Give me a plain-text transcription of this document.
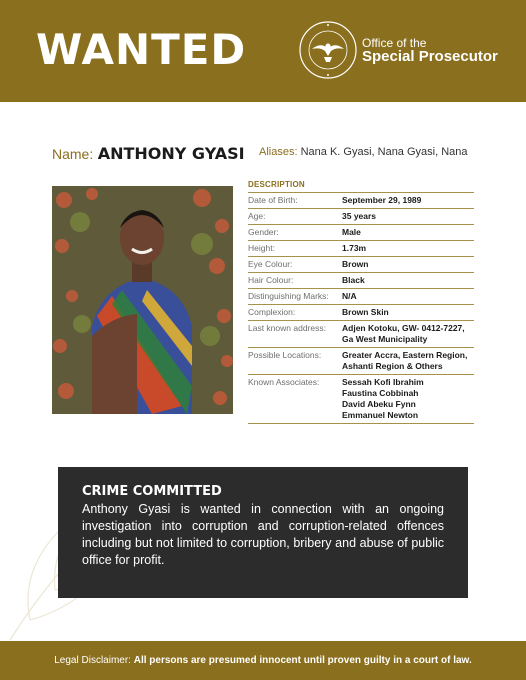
WANTED	Office of the
Special Prosecutor
Name: ANTHONY GYASI Aliases: Nana K. Gyasi, Nana Gyasi, Nana
DESCRIPTION
Date of Birth:	September 29, 1989
Age:	35 years
Gender:	Male
Height:	1.73m
Eye Colour:	Brown
Hair Colour:	Black
Distinguishing Marks:	N/A
Complexion:	Brown Skin
Last known address:	Adjen Kotoku, GW- 0412-7227, Ga West Municipality
Possible Locations:	Greater Accra, Eastern Region, Ashanti Region & Others
Known Associates:	Sessah Kofi Ibrahim
Faustina Cobbinah
David Abeku Fynn
Emmanuel Newton
CRIME COMMITTED
Anthony Gyasi is wanted in connection with an ongoing investigation into corruption and corruption-related offences including but not limited to corruption, bribery and abuse of public office for profit.
Legal Disclaimer: All persons are presumed innocent until proven guilty in a court of law.
